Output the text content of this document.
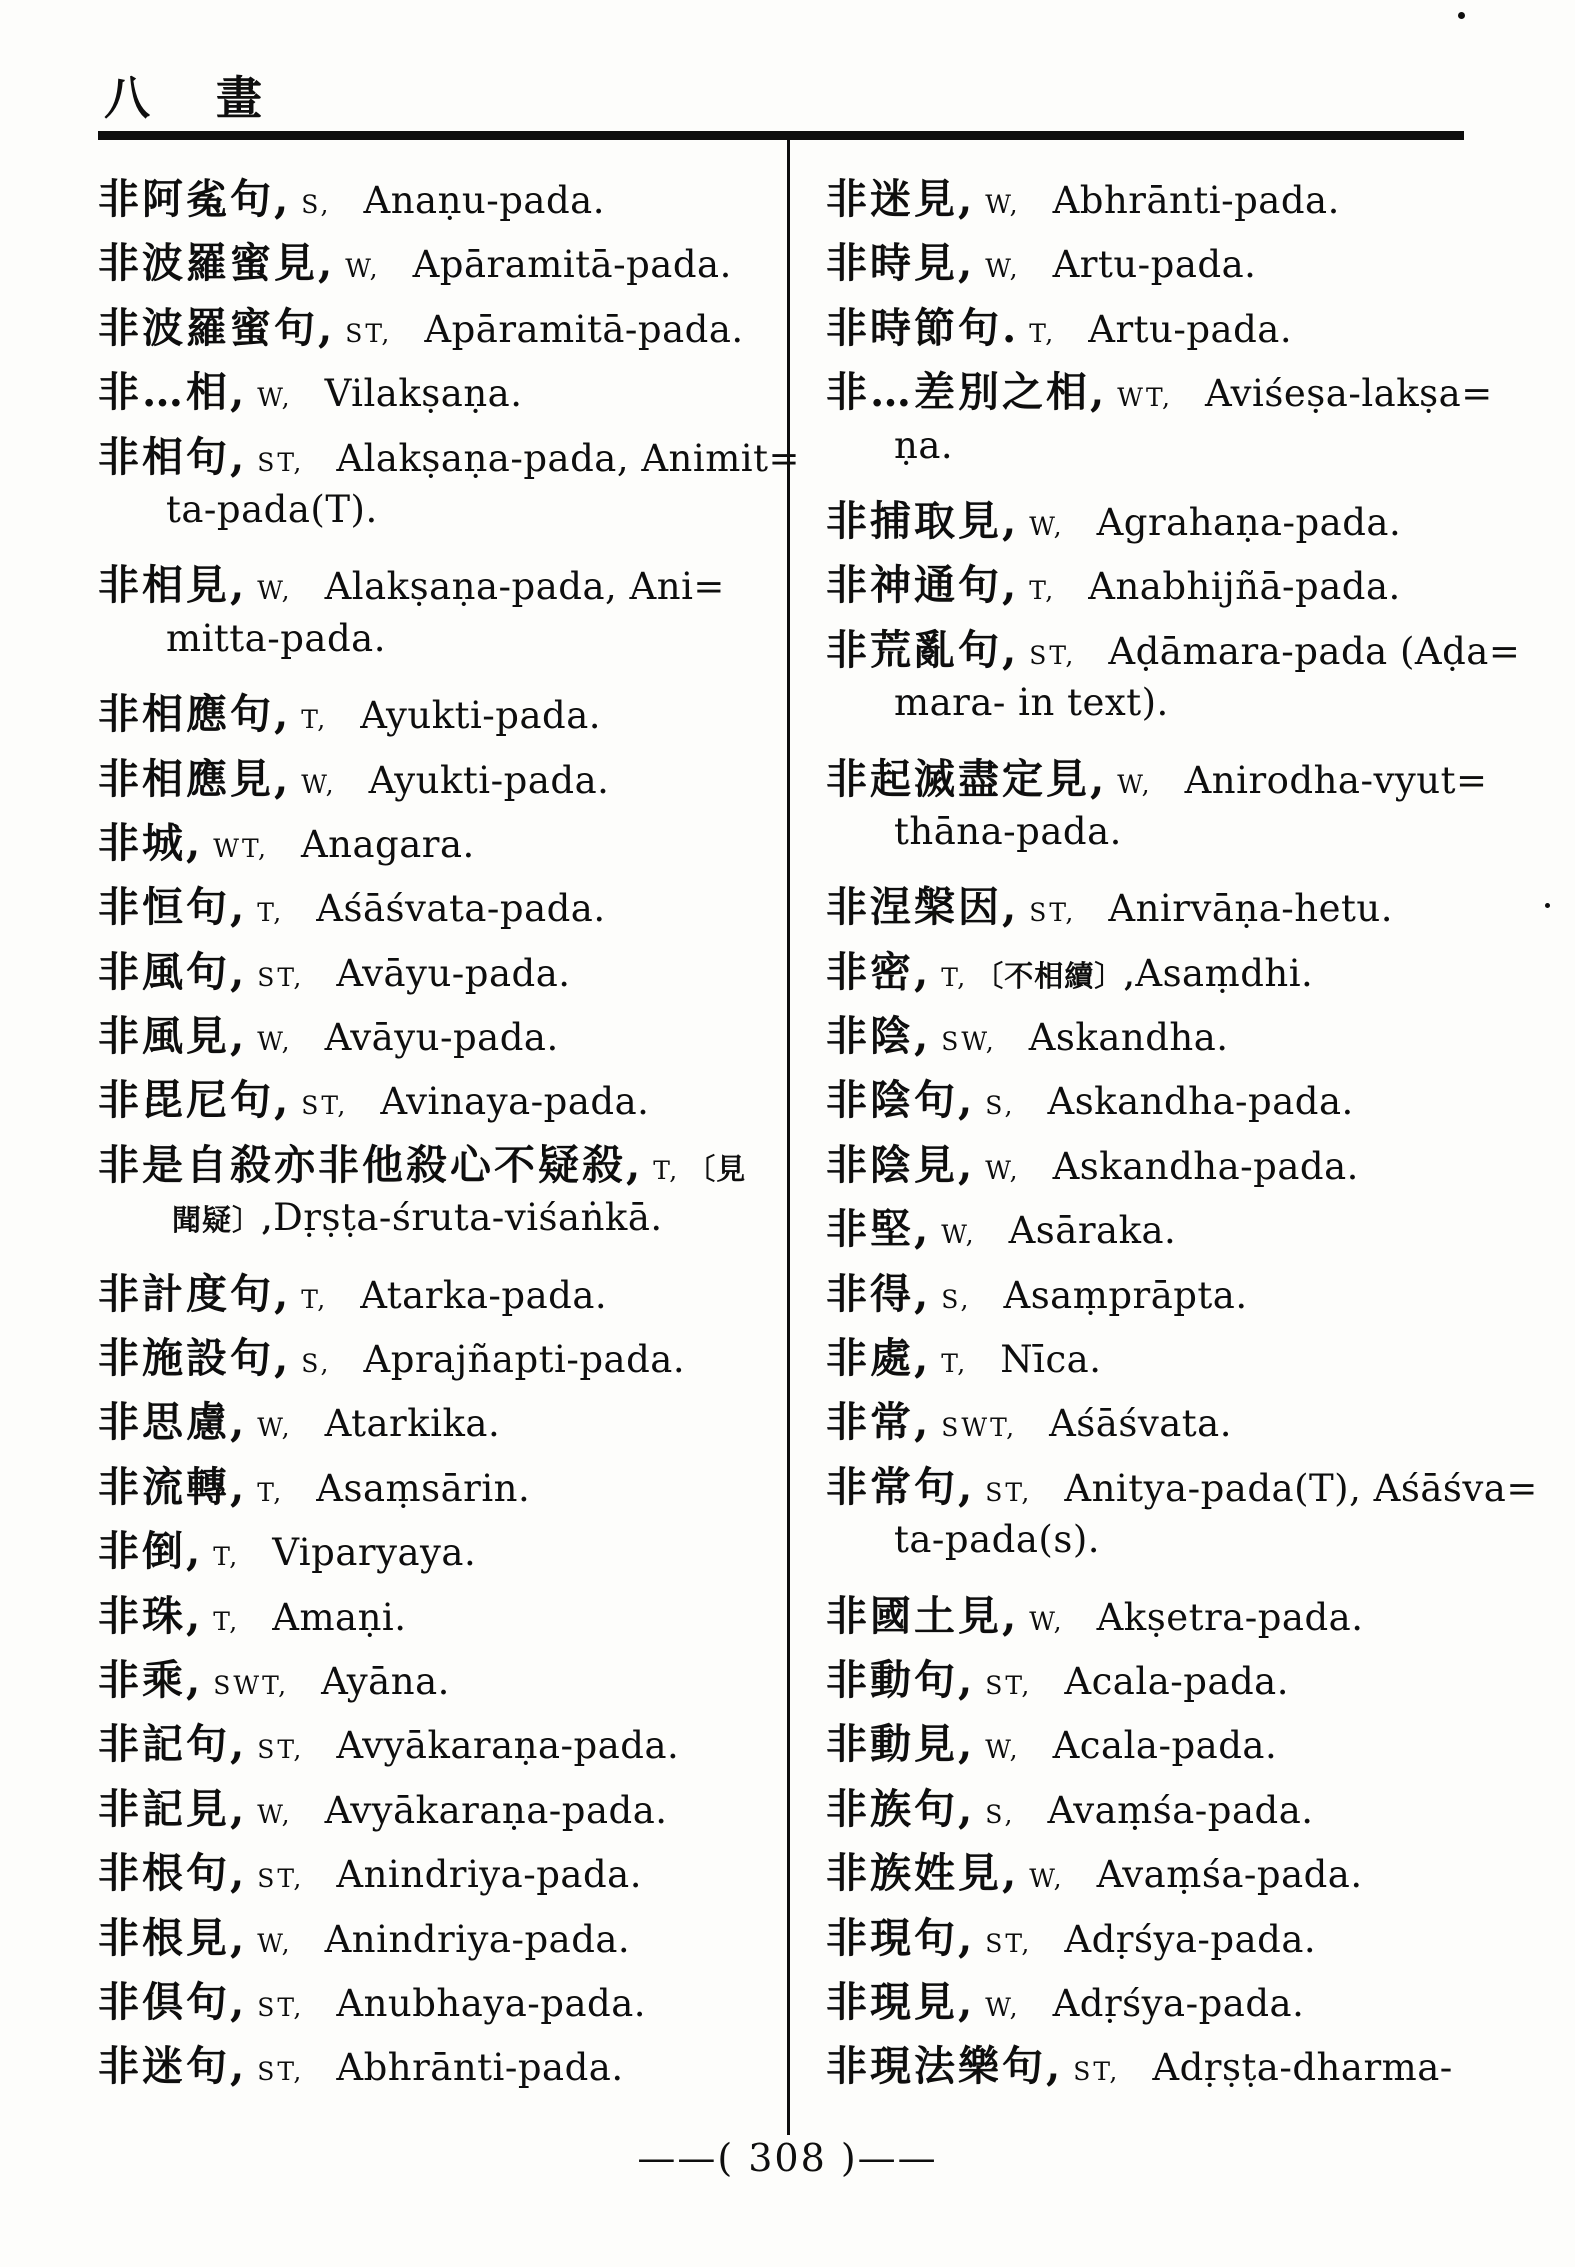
八　畫
非阿㝹句, S, Anaṇu-pada.
非波羅蜜見, W, Apāramitā-pada.
非波羅蜜句, ST, Apāramitā-pada.
非…相, W, Vilakṣaṇa.
非相句, ST, Alakṣaṇa-pada, Animit=
ta-pada(T).
非相見, W, Alakṣaṇa-pada, Ani=
mitta-pada.
非相應句, T, Ayukti-pada.
非相應見, W, Ayukti-pada.
非城, WT, Anagara.
非恒句, T, Aśāśvata-pada.
非風句, ST, Avāyu-pada.
非風見, W, Avāyu-pada.
非毘尼句, ST, Avinaya-pada.
非是自殺亦非他殺心不疑殺, T, 〔見
聞疑〕, Dṛṣṭa-śruta-viśaṅkā.
非計度句, T, Atarka-pada.
非施設句, S, Aprajñapti-pada.
非思慮, W, Atarkika.
非流轉, T, Asaṃsārin.
非倒, T, Viparyaya.
非珠, T, Amaṇi.
非乘, SWT, Ayāna.
非記句, ST, Avyākaraṇa-pada.
非記見, W, Avyākaraṇa-pada.
非根句, ST, Anindriya-pada.
非根見, W, Anindriya-pada.
非倶句, ST, Anubhaya-pada.
非迷句, ST, Abhrānti-pada.
非迷見, W, Abhrānti-pada.
非時見, W, Artu-pada.
非時節句. T, Artu-pada.
非…差別之相, WT, Aviśeṣa-lakṣa=
ṇa.
非捕取見, W, Agrahaṇa-pada.
非神通句, T, Anabhijñā-pada.
非荒亂句, ST, Aḍāmara-pada (Aḍa=
mara- in text).
非起滅盡定見, W, Anirodha-vyut=
thāna-pada.
非涅槃因, ST, Anirvāṇa-hetu.
非密, T, 〔不相續〕, Asaṃdhi.
非陰, SW, Askandha.
非陰句, S, Askandha-pada.
非陰見, W, Askandha-pada.
非堅, W, Asāraka.
非得, S, Asaṃprāpta.
非處, T, Nīca.
非常, SWT, Aśāśvata.
非常句, ST, Anitya-pada(T), Aśāśva=
ta-pada(s).
非國土見, W, Akṣetra-pada.
非動句, ST, Acala-pada.
非動見, W, Acala-pada.
非族句, S, Avaṃśa-pada.
非族姓見, W, Avaṃśa-pada.
非現句, ST, Adṛśya-pada.
非現見, W, Adṛśya-pada.
非現法樂句, ST, Adṛṣṭa-dharma-
——( 308 )——
